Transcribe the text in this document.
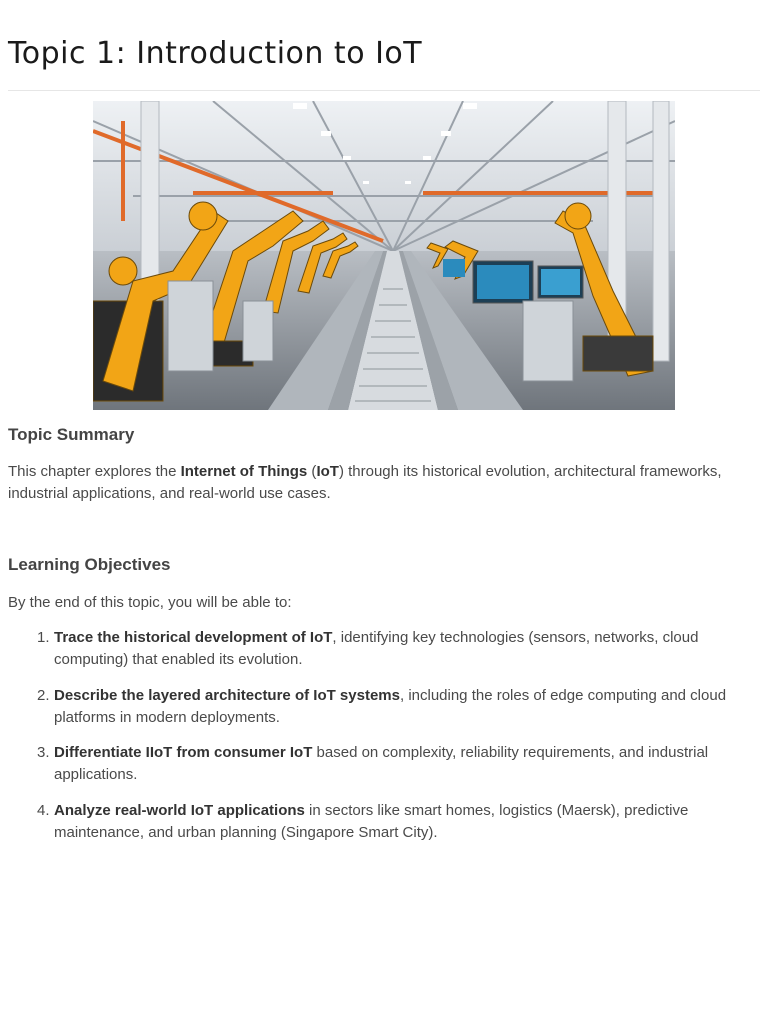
Topic 1: Introduction to IoT
Topic Summary

This chapter explores the Internet of Things (IoT) through its historical evolution, architectural frameworks, industrial applications, and real-world use cases.

Learning Objectives

By the end of this topic, you will be able to:

1. Trace the historical development of IoT, identifying key technologies (sensors, networks, cloud computing) that enabled its evolution.
2. Describe the layered architecture of IoT systems, including the roles of edge computing and cloud platforms in modern deployments.
3. Differentiate IIoT from consumer IoT based on complexity, reliability requirements, and industrial applications.
4. Analyze real-world IoT applications in sectors like smart homes, logistics (Maersk), predictive maintenance, and urban planning (Singapore Smart City).
